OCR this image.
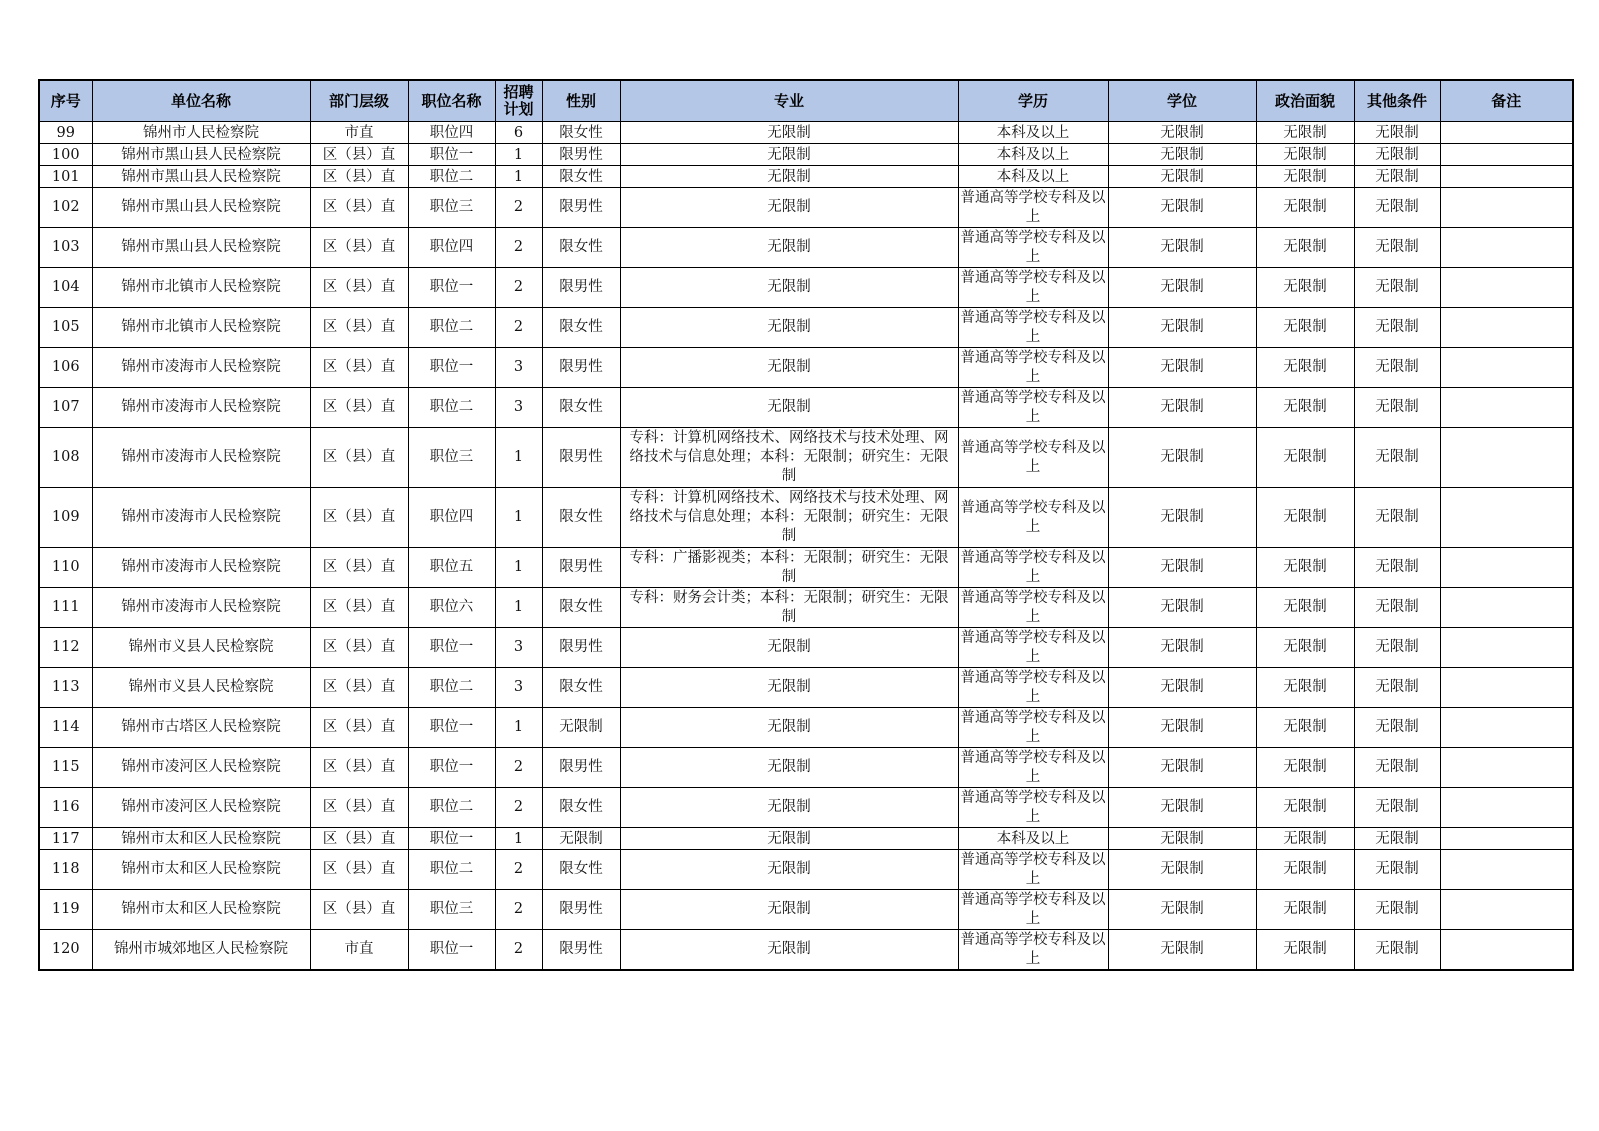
序号	单位名称	部门层级	职位名称	招聘计划	性别	专业	学历	学位	政治面貌	其他条件	备注
99	锦州市人民检察院	市直	职位四	6	限女性	无限制	本科及以上	无限制	无限制	无限制	
100	锦州市黑山县人民检察院	区（县）直	职位一	1	限男性	无限制	本科及以上	无限制	无限制	无限制	
101	锦州市黑山县人民检察院	区（县）直	职位二	1	限女性	无限制	本科及以上	无限制	无限制	无限制	
102	锦州市黑山县人民检察院	区（县）直	职位三	2	限男性	无限制	普通高等学校专科及以上	无限制	无限制	无限制	
103	锦州市黑山县人民检察院	区（县）直	职位四	2	限女性	无限制	普通高等学校专科及以上	无限制	无限制	无限制	
104	锦州市北镇市人民检察院	区（县）直	职位一	2	限男性	无限制	普通高等学校专科及以上	无限制	无限制	无限制	
105	锦州市北镇市人民检察院	区（县）直	职位二	2	限女性	无限制	普通高等学校专科及以上	无限制	无限制	无限制	
106	锦州市凌海市人民检察院	区（县）直	职位一	3	限男性	无限制	普通高等学校专科及以上	无限制	无限制	无限制	
107	锦州市凌海市人民检察院	区（县）直	职位二	3	限女性	无限制	普通高等学校专科及以上	无限制	无限制	无限制	
108	锦州市凌海市人民检察院	区（县）直	职位三	1	限男性	专科：计算机网络技术、网络技术与技术处理、网络技术与信息处理；本科：无限制；研究生：无限制	普通高等学校专科及以上	无限制	无限制	无限制	
109	锦州市凌海市人民检察院	区（县）直	职位四	1	限女性	专科：计算机网络技术、网络技术与技术处理、网络技术与信息处理；本科：无限制；研究生：无限制	普通高等学校专科及以上	无限制	无限制	无限制	
110	锦州市凌海市人民检察院	区（县）直	职位五	1	限男性	专科：广播影视类；本科：无限制；研究生：无限制	普通高等学校专科及以上	无限制	无限制	无限制	
111	锦州市凌海市人民检察院	区（县）直	职位六	1	限女性	专科：财务会计类；本科：无限制；研究生：无限制	普通高等学校专科及以上	无限制	无限制	无限制	
112	锦州市义县人民检察院	区（县）直	职位一	3	限男性	无限制	普通高等学校专科及以上	无限制	无限制	无限制	
113	锦州市义县人民检察院	区（县）直	职位二	3	限女性	无限制	普通高等学校专科及以上	无限制	无限制	无限制	
114	锦州市古塔区人民检察院	区（县）直	职位一	1	无限制	无限制	普通高等学校专科及以上	无限制	无限制	无限制	
115	锦州市凌河区人民检察院	区（县）直	职位一	2	限男性	无限制	普通高等学校专科及以上	无限制	无限制	无限制	
116	锦州市凌河区人民检察院	区（县）直	职位二	2	限女性	无限制	普通高等学校专科及以上	无限制	无限制	无限制	
117	锦州市太和区人民检察院	区（县）直	职位一	1	无限制	无限制	本科及以上	无限制	无限制	无限制	
118	锦州市太和区人民检察院	区（县）直	职位二	2	限女性	无限制	普通高等学校专科及以上	无限制	无限制	无限制	
119	锦州市太和区人民检察院	区（县）直	职位三	2	限男性	无限制	普通高等学校专科及以上	无限制	无限制	无限制	
120	锦州市城郊地区人民检察院	市直	职位一	2	限男性	无限制	普通高等学校专科及以上	无限制	无限制	无限制	
